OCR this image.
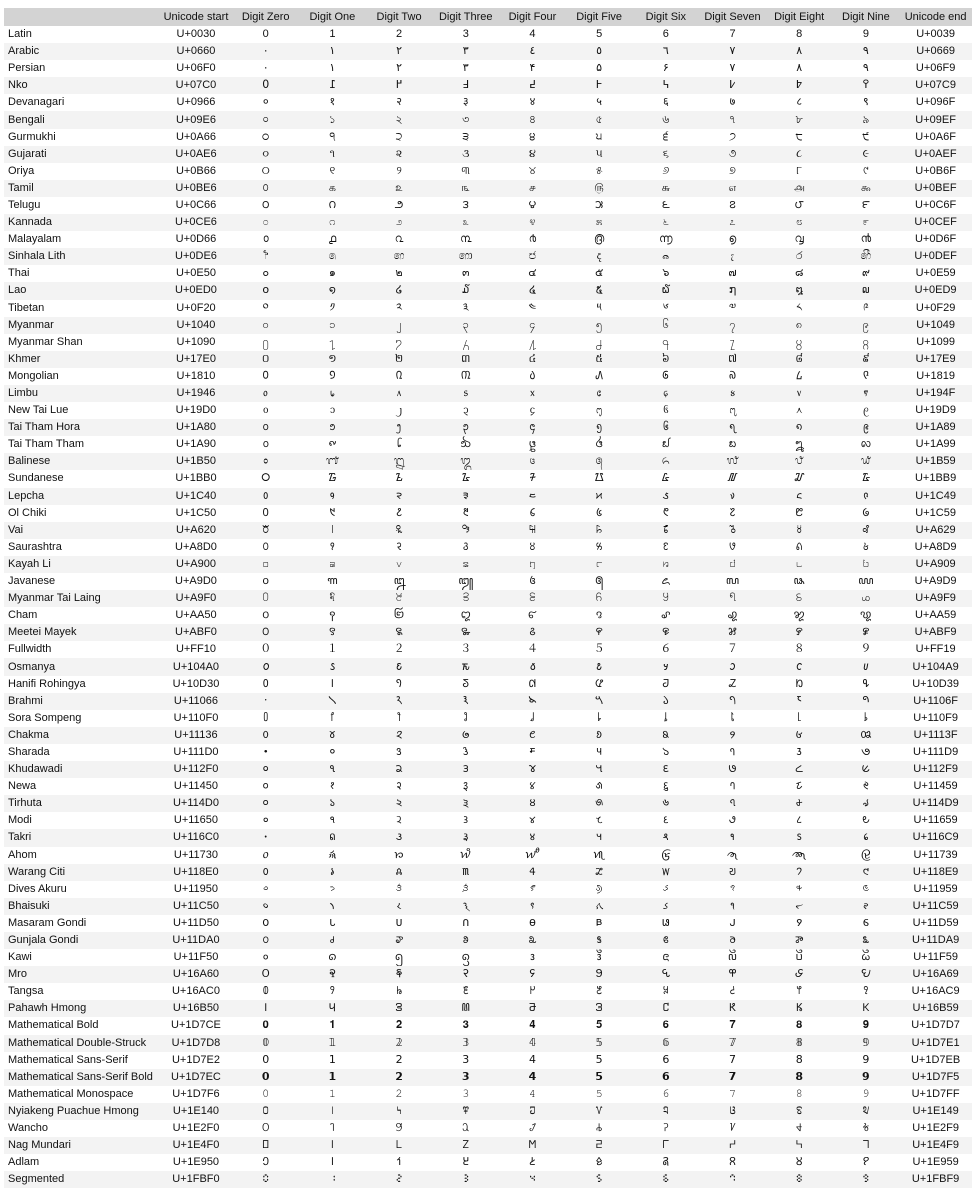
	Unicode start	Digit Zero	Digit One	Digit Two	Digit Three	Digit Four	Digit Five	Digit Six	Digit Seven	Digit Eight	Digit Nine	Unicode end
Latin	U+0030	0	1	2	3	4	5	6	7	8	9	U+0039
Arabic	U+0660	٠	١	٢	٣	٤	٥	٦	٧	٨	٩	U+0669
Persian	U+06F0	۰	۱	۲	۳	۴	۵	۶	۷	۸	۹	U+06F9
Nko	U+07C0	߀	߁	߂	߃	߄	߅	߆	߇	߈	߉	U+07C9
Devanagari	U+0966	०	१	२	३	४	५	६	७	८	९	U+096F
Bengali	U+09E6	০	১	২	৩	৪	৫	৬	৭	৮	৯	U+09EF
Gurmukhi	U+0A66	੦	੧	੨	੩	੪	੫	੬	੭	੮	੯	U+0A6F
Gujarati	U+0AE6	૦	૧	૨	૩	૪	૫	૬	૭	૮	૯	U+0AEF
Oriya	U+0B66	୦	୧	୨	୩	୪	୫	୬	୭	୮	୯	U+0B6F
Tamil	U+0BE6	௦	௧	௨	௩	௪	௫	௬	௭	௮	௯	U+0BEF
Telugu	U+0C66	౦	౧	౨	౩	౪	౫	౬	౭	౮	౯	U+0C6F
Kannada	U+0CE6	೦	೧	೨	೩	೪	೫	೬	೭	೮	೯	U+0CEF
Malayalam	U+0D66	൦	൧	൨	൩	൪	൫	൬	൭	൮	൯	U+0D6F
Sinhala Lith	U+0DE6	෦	෧	෨	෩	෪	෫	෬	෭	෮	෯	U+0DEF
Thai	U+0E50	๐	๑	๒	๓	๔	๕	๖	๗	๘	๙	U+0E59
Lao	U+0ED0	໐	໑	໒	໓	໔	໕	໖	໗	໘	໙	U+0ED9
Tibetan	U+0F20	༠	༡	༢	༣	༤	༥	༦	༧	༨	༩	U+0F29
Myanmar	U+1040	၀	၁	၂	၃	၄	၅	၆	၇	၈	၉	U+1049
Myanmar Shan	U+1090	႐	႑	႒	႓	႔	႕	႖	႗	႘	႙	U+1099
Khmer	U+17E0	០	១	២	៣	៤	៥	៦	៧	៨	៩	U+17E9
Mongolian	U+1810	᠐	᠑	᠒	᠓	᠔	᠕	᠖	᠗	᠘	᠙	U+1819
Limbu	U+1946	᥆	᥇	᥈	᥉	᥊	᥋	᥌	᥍	᥎	᥏	U+194F
New Tai Lue	U+19D0	᧐	᧑	᧒	᧓	᧔	᧕	᧖	᧗	᧘	᧙	U+19D9
Tai Tham Hora	U+1A80	᪀	᪁	᪂	᪃	᪄	᪅	᪆	᪇	᪈	᪉	U+1A89
Tai Tham Tham	U+1A90	᪐	᪑	᪒	᪓	᪔	᪕	᪖	᪗	᪘	᪙	U+1A99
Balinese	U+1B50	᭐	᭑	᭒	᭓	᭔	᭕	᭖	᭗	᭘	᭙	U+1B59
Sundanese	U+1BB0	᮰	᮱	᮲	᮳	᮴	᮵	᮶	᮷	᮸	᮹	U+1BB9
Lepcha	U+1C40	᱀	᱁	᱂	᱃	᱄	᱅	᱆	᱇	᱈	᱉	U+1C49
Ol Chiki	U+1C50	᱐	᱑	᱒	᱓	᱔	᱕	᱖	᱗	᱘	᱙	U+1C59
Vai	U+A620	꘠	꘡	꘢	꘣	꘤	꘥	꘦	꘧	꘨	꘩	U+A629
Saurashtra	U+A8D0	꣐	꣑	꣒	꣓	꣔	꣕	꣖	꣗	꣘	꣙	U+A8D9
Kayah Li	U+A900	꤀	꤁	꤂	꤃	꤄	꤅	꤆	꤇	꤈	꤉	U+A909
Javanese	U+A9D0	꧐	꧑	꧒	꧓	꧔	꧕	꧖	꧗	꧘	꧙	U+A9D9
Myanmar Tai Laing	U+A9F0	꧰	꧱	꧲	꧳	꧴	꧵	꧶	꧷	꧸	꧹	U+A9F9
Cham	U+AA50	꩐	꩑	꩒	꩓	꩔	꩕	꩖	꩗	꩘	꩙	U+AA59
Meetei Mayek	U+ABF0	꯰	꯱	꯲	꯳	꯴	꯵	꯶	꯷	꯸	꯹	U+ABF9
Fullwidth	U+FF10	０	１	２	３	４	５	６	７	８	９	U+FF19
Osmanya	U+104A0	𐒠	𐒡	𐒢	𐒣	𐒤	𐒥	𐒦	𐒧	𐒨	𐒩	U+104A9
Hanifi Rohingya	U+10D30	𐴰	𐴱	𐴲	𐴳	𐴴	𐴵	𐴶	𐴷	𐴸	𐴹	U+10D39
Brahmi	U+11066	𑁦	𑁧	𑁨	𑁩	𑁪	𑁫	𑁬	𑁭	𑁮	𑁯	U+1106F
Sora Sompeng	U+110F0	𑃰	𑃱	𑃲	𑃳	𑃴	𑃵	𑃶	𑃷	𑃸	𑃹	U+110F9
Chakma	U+11136	𑄶	𑄷	𑄸	𑄹	𑄺	𑄻	𑄼	𑄽	𑄾	𑄿	U+1113F
Sharada	U+111D0	𑇐	𑇑	𑇒	𑇓	𑇔	𑇕	𑇖	𑇗	𑇘	𑇙	U+111D9
Khudawadi	U+112F0	𑋰	𑋱	𑋲	𑋳	𑋴	𑋵	𑋶	𑋷	𑋸	𑋹	U+112F9
Newa	U+11450	𑑐	𑑑	𑑒	𑑓	𑑔	𑑕	𑑖	𑑗	𑑘	𑑙	U+11459
Tirhuta	U+114D0	𑓐	𑓑	𑓒	𑓓	𑓔	𑓕	𑓖	𑓗	𑓘	𑓙	U+114D9
Modi	U+11650	𑙐	𑙑	𑙒	𑙓	𑙔	𑙕	𑙖	𑙗	𑙘	𑙙	U+11659
Takri	U+116C0	𑛀	𑛁	𑛂	𑛃	𑛄	𑛅	𑛆	𑛇	𑛈	𑛉	U+116C9
Ahom	U+11730	𑜰	𑜱	𑜲	𑜳	𑜴	𑜵	𑜶	𑜷	𑜸	𑜹	U+11739
Warang Citi	U+118E0	𑣠	𑣡	𑣢	𑣣	𑣤	𑣥	𑣦	𑣧	𑣨	𑣩	U+118E9
Dives Akuru	U+11950	𑥐	𑥑	𑥒	𑥓	𑥔	𑥕	𑥖	𑥗	𑥘	𑥙	U+11959
Bhaisuki	U+11C50	𑱐	𑱑	𑱒	𑱓	𑱔	𑱕	𑱖	𑱗	𑱘	𑱙	U+11C59
Masaram Gondi	U+11D50	𑵐	𑵑	𑵒	𑵓	𑵔	𑵕	𑵖	𑵗	𑵘	𑵙	U+11D59
Gunjala Gondi	U+11DA0	𑶠	𑶡	𑶢	𑶣	𑶤	𑶥	𑶦	𑶧	𑶨	𑶩	U+11DA9
Kawi	U+11F50	𑽐	𑽑	𑽒	𑽓	𑽔	𑽕	𑽖	𑽗	𑽘	𑽙	U+11F59
Mro	U+16A60	𖩠	𖩡	𖩢	𖩣	𖩤	𖩥	𖩦	𖩧	𖩨	𖩩	U+16A69
Tangsa	U+16AC0	𖫀	𖫁	𖫂	𖫃	𖫄	𖫅	𖫆	𖫇	𖫈	𖫉	U+16AC9
Pahawh Hmong	U+16B50	𖭐	𖭑	𖭒	𖭓	𖭔	𖭕	𖭖	𖭗	𖭘	𖭙	U+16B59
Mathematical Bold	U+1D7CE	𝟎	𝟏	𝟐	𝟑	𝟒	𝟓	𝟔	𝟕	𝟖	𝟗	U+1D7D7
Mathematical Double-Struck	U+1D7D8	𝟘	𝟙	𝟚	𝟛	𝟜	𝟝	𝟞	𝟟	𝟠	𝟡	U+1D7E1
Mathematical Sans-Serif	U+1D7E2	𝟢	𝟣	𝟤	𝟥	𝟦	𝟧	𝟨	𝟩	𝟪	𝟫	U+1D7EB
Mathematical Sans-Serif Bold	U+1D7EC	𝟬	𝟭	𝟮	𝟯	𝟰	𝟱	𝟲	𝟳	𝟴	𝟵	U+1D7F5
Mathematical Monospace	U+1D7F6	𝟶	𝟷	𝟸	𝟹	𝟺	𝟻	𝟼	𝟽	𝟾	𝟿	U+1D7FF
Nyiakeng Puachue Hmong	U+1E140	𞅀	𞅁	𞅂	𞅃	𞅄	𞅅	𞅆	𞅇	𞅈	𞅉	U+1E149
Wancho	U+1E2F0	𞋰	𞋱	𞋲	𞋳	𞋴	𞋵	𞋶	𞋷	𞋸	𞋹	U+1E2F9
Nag Mundari	U+1E4F0	𞓰	𞓱	𞓲	𞓳	𞓴	𞓵	𞓶	𞓷	𞓸	𞓹	U+1E4F9
Adlam	U+1E950	𞥐	𞥑	𞥒	𞥓	𞥔	𞥕	𞥖	𞥗	𞥘	𞥙	U+1E959
Segmented	U+1FBF0	🯰	🯱	🯲	🯳	🯴	🯵	🯶	🯷	🯸	🯹	U+1FBF9
